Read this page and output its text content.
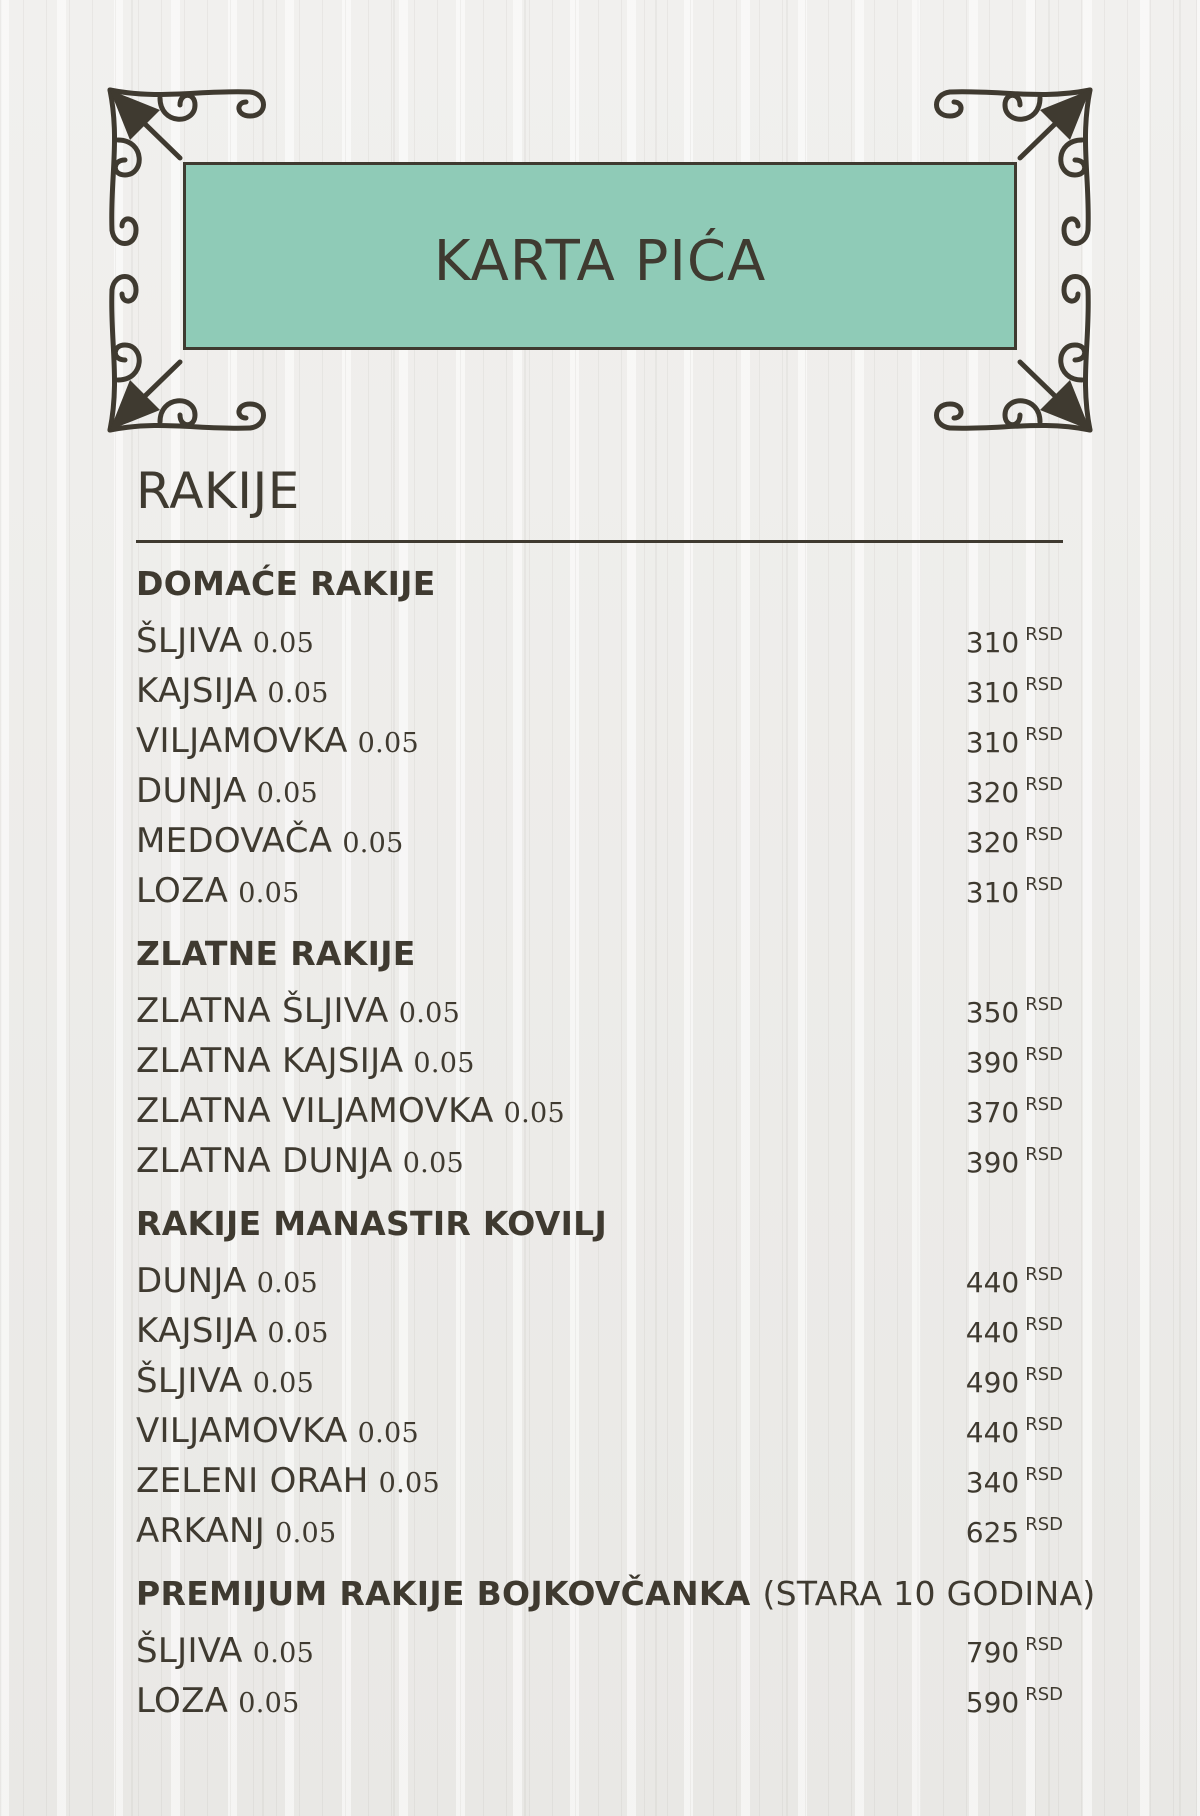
KARTA PIĆA
RAKIJE
DOMAĆE RAKIJE
ŠLJIVA 0.05	310 $^{RSD}$
KAJSIJA 0.05	310 $^{RSD}$
VILJAMOVKA 0.05	310 $^{RSD}$
DUNJA 0.05	320 $^{RSD}$
MEDOVAČA 0.05	320 $^{RSD}$
LOZA 0.05	310 $^{RSD}$
ZLATNE RAKIJE
ZLATNA ŠLJIVA 0.05	350 $^{RSD}$
ZLATNA KAJSIJA 0.05	390 $^{RSD}$
ZLATNA VILJAMOVKA 0.05	370 $^{RSD}$
ZLATNA DUNJA 0.05	390 $^{RSD}$
RAKIJE MANASTIR KOVILJ
DUNJA 0.05	440 $^{RSD}$
KAJSIJA 0.05	440 $^{RSD}$
ŠLJIVA 0.05	490 $^{RSD}$
VILJAMOVKA 0.05	440 $^{RSD}$
ZELENI ORAH 0.05	340 $^{RSD}$
ARKANJ 0.05	625 $^{RSD}$
PREMIJUM RAKIJE BOJKOVČANKA (STARA 10 GODINA)
ŠLJIVA 0.05	790 $^{RSD}$
LOZA 0.05	590 $^{RSD}$
